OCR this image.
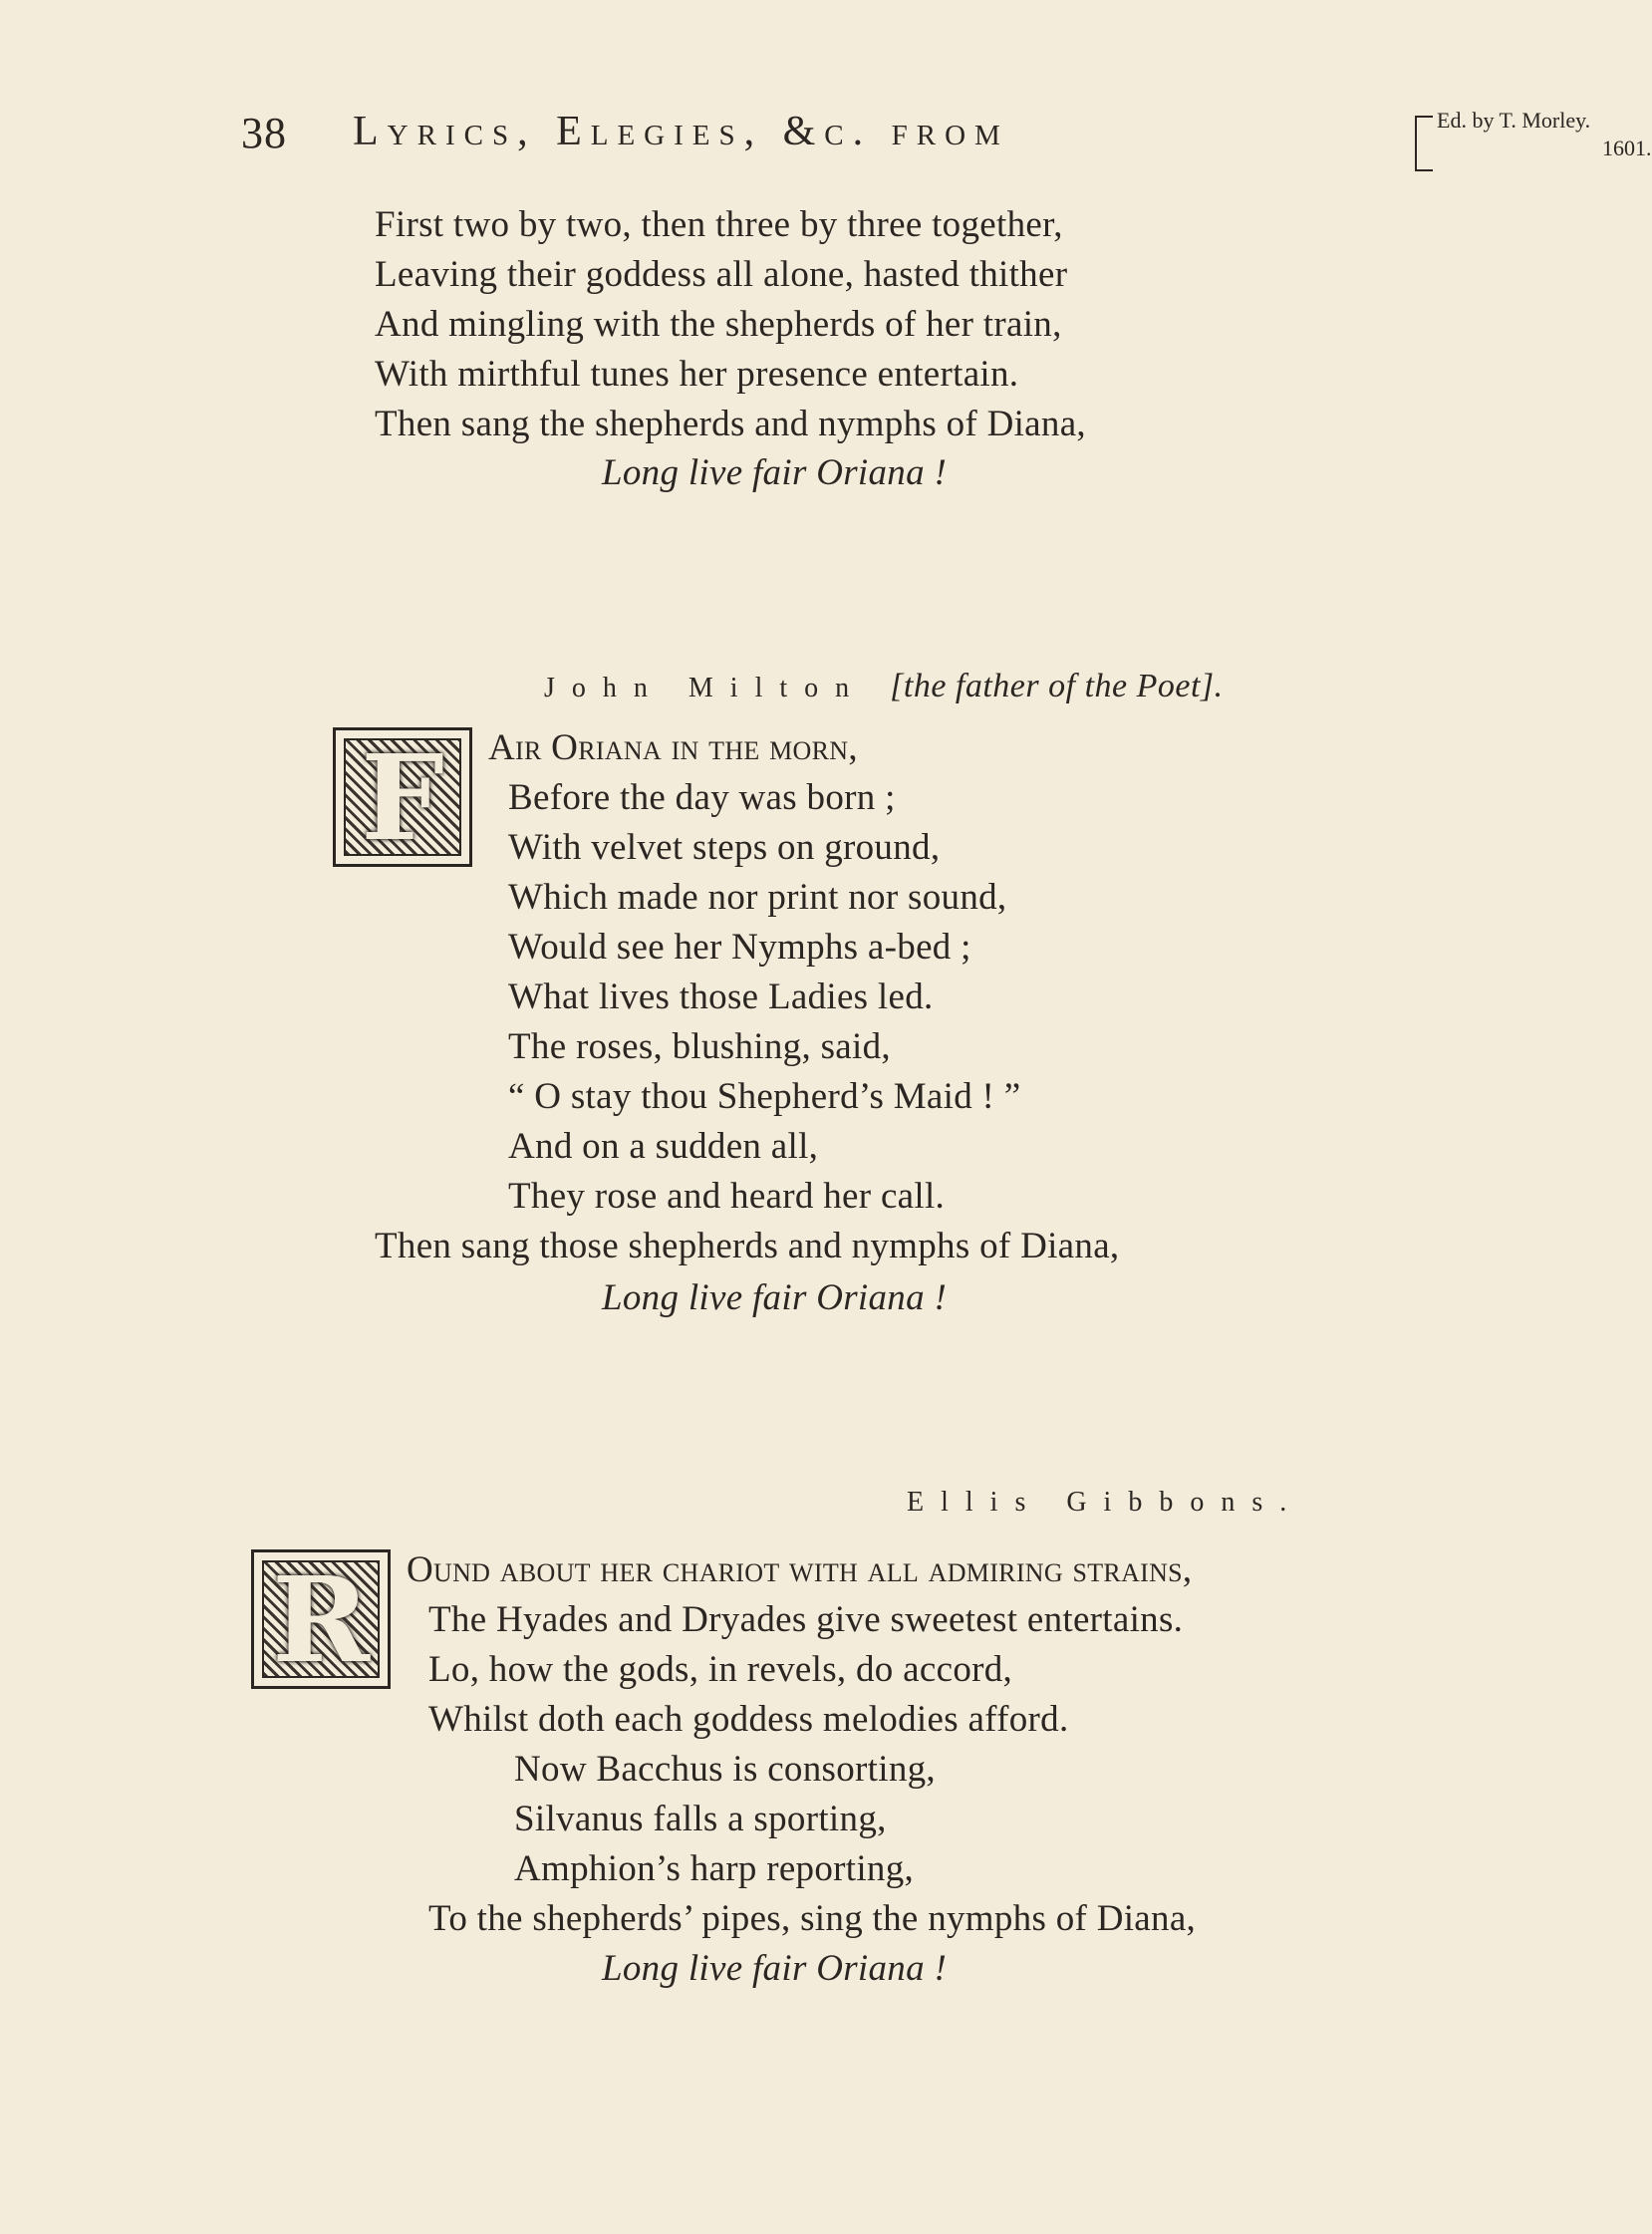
38 Lyrics, Elegies, &c. from	Ed. by T. Morley.
1601.
First two by two, then three by three together,
Leaving their goddess all alone, hasted thither
And mingling with the shepherds of her train,
With mirthful tunes her presence entertain.
Then sang the shepherds and nymphs of Diana,
Long live fair Oriana !
John Milton [the father of the Poet].
F	Air Oriana in the morn,
Before the day was born ;
With velvet steps on ground,
Which made nor print nor sound,
Would see her Nymphs a-bed ;
What lives those Ladies led.
The roses, blushing, said,
“ O stay thou Shepherd’s Maid ! ”
And on a sudden all,
They rose and heard her call.
Then sang those shepherds and nymphs of Diana,
Long live fair Oriana !
Ellis Gibbons.
R Ound about her chariot with all admiring strains,
The Hyades and Dryades give sweetest entertains.
Lo, how the gods, in revels, do accord,
Whilst doth each goddess melodies afford.
Now Bacchus is consorting,
Silvanus falls a sporting,
Amphion’s harp reporting,
To the shepherds’ pipes, sing the nymphs of Diana,
Long live fair Oriana !
